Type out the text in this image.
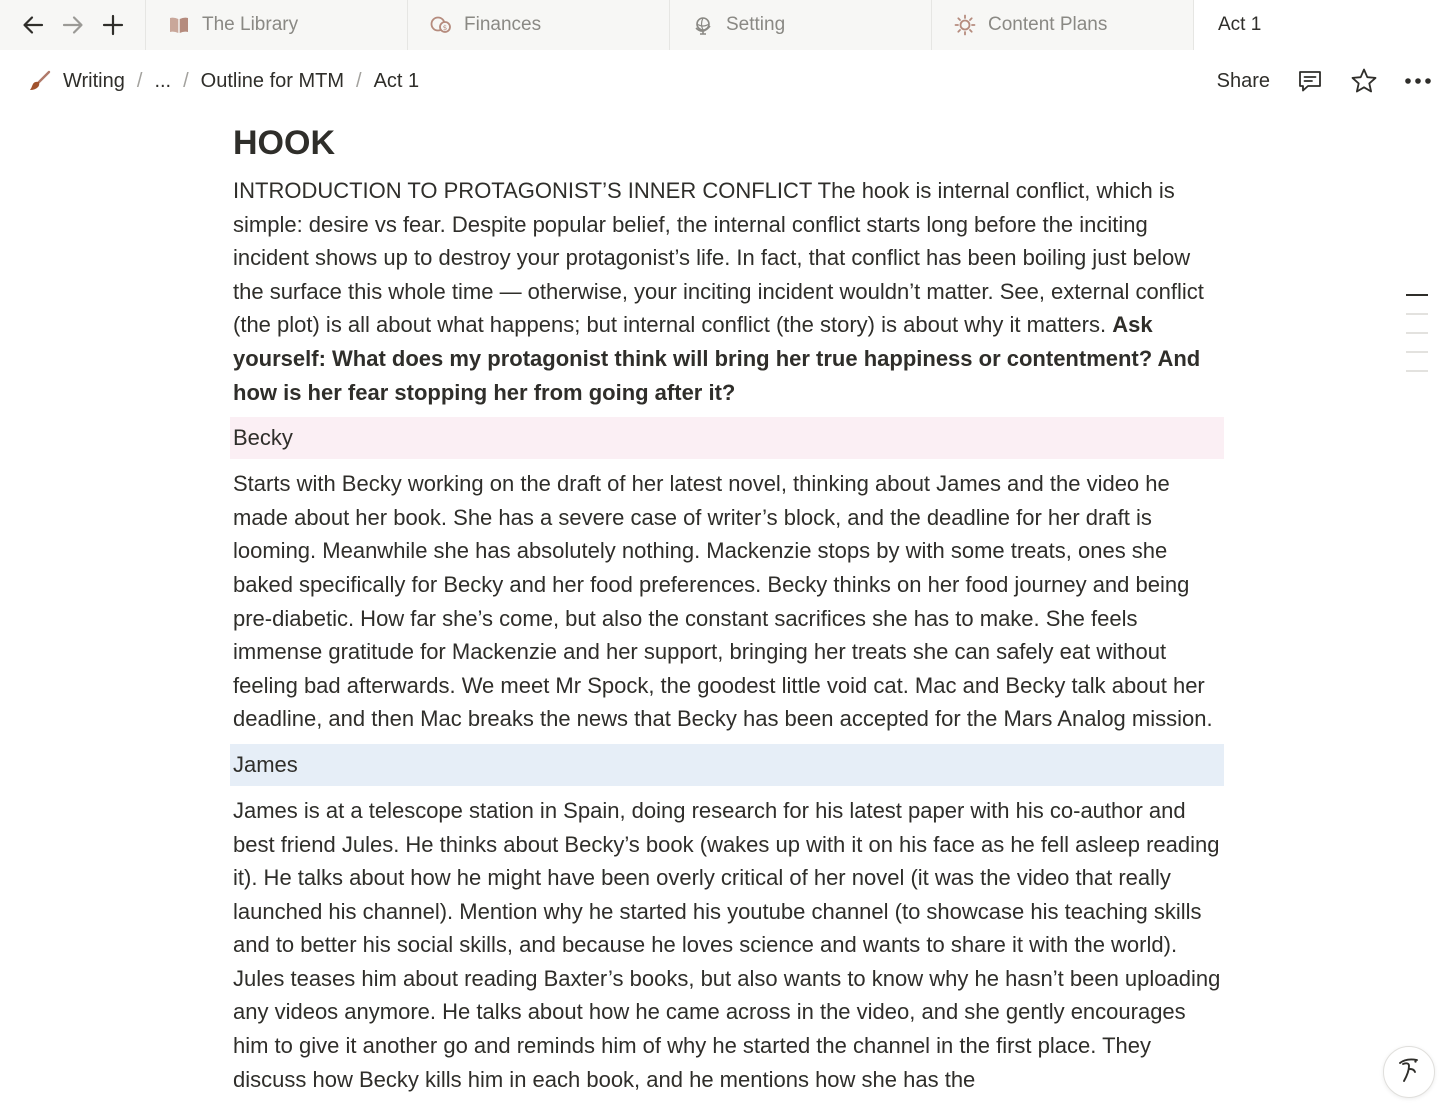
The Library	$ Finances	Setting	Content Plans	Act 1
Writing / ... / Outline for MTM / Act 1	Share
HOOK

INTRODUCTION TO PROTAGONIST’S INNER CONFLICT The hook is internal conflict, which is simple: desire vs fear. Despite popular belief, the internal conflict starts long before the inciting incident shows up to destroy your protagonist’s life. In fact, that conflict has been boiling just below the surface this whole time — otherwise, your inciting incident wouldn’t matter. See, external conflict (the plot) is all about what happens; but internal conflict (the story) is about why it matters. Ask yourself: What does my protagonist think will bring her true happiness or contentment? And how is her fear stopping her from going after it?

Becky

Starts with Becky working on the draft of her latest novel, thinking about James and the video he made about her book. She has a severe case of writer’s block, and the deadline for her draft is looming. Meanwhile she has absolutely nothing. Mackenzie stops by with some treats, ones she baked specifically for Becky and her food preferences. Becky thinks on her food journey and being pre-diabetic. How far she’s come, but also the constant sacrifices she has to make. She feels immense gratitude for Mackenzie and her support, bringing her treats she can safely eat without feeling bad afterwards. We meet Mr Spock, the goodest little void cat. Mac and Becky talk about her deadline, and then Mac breaks the news that Becky has been accepted for the Mars Analog mission.

James

James is at a telescope station in Spain, doing research for his latest paper with his co-author and best friend Jules. He thinks about Becky’s book (wakes up with it on his face as he fell asleep reading it). He talks about how he might have been overly critical of her novel (it was the video that really launched his channel). Mention why he started his youtube channel (to showcase his teaching skills and to better his social skills, and because he loves science and wants to share it with the world). Jules teases him about reading Baxter’s books, but also wants to know why he hasn’t been uploading any videos anymore. He talks about how he came across in the video, and she gently encourages him to give it another go and reminds him of why he started the channel in the first place. They discuss how Becky kills him in each book, and he mentions how she has the
